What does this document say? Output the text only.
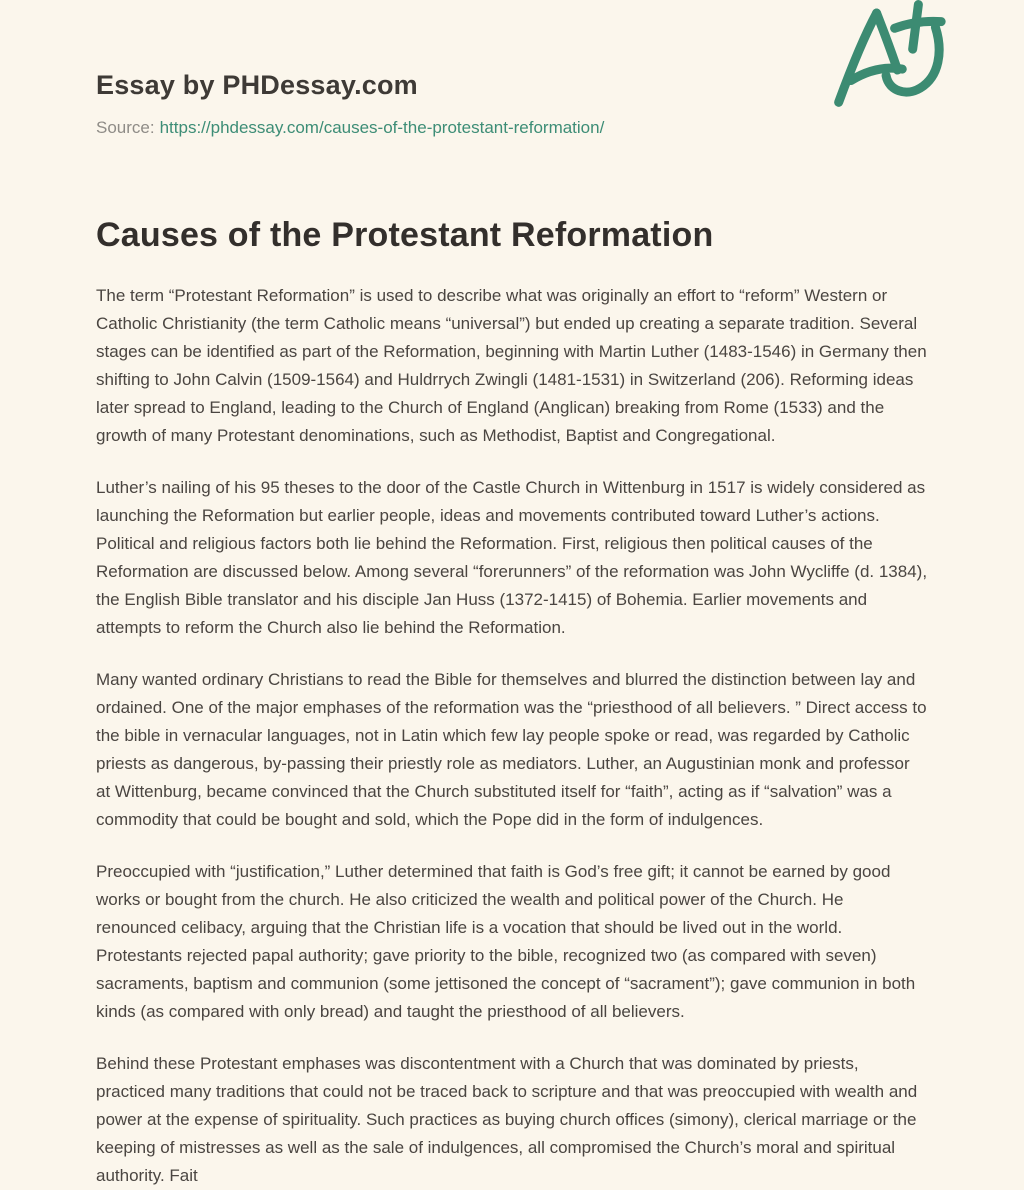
Essay by PHDessay.com
Source: https://phdessay.com/causes-of-the-protestant-reformation/
Causes of the Protestant Reformation

The term “Protestant Reformation” is used to describe what was originally an effort to “reform” Western or Catholic Christianity (the term Catholic means “universal”) but ended up creating a separate tradition. Several stages can be identified as part of the Reformation, beginning with Martin Luther (1483-1546) in Germany then shifting to John Calvin (1509-1564) and Huldrrych Zwingli (1481-1531) in Switzerland (206). Reforming ideas later spread to England, leading to the Church of England (Anglican) breaking from Rome (1533) and the growth of many Protestant denominations, such as Methodist, Baptist and Congregational.

Luther’s nailing of his 95 theses to the door of the Castle Church in Wittenburg in 1517 is widely considered as launching the Reformation but earlier people, ideas and movements contributed toward Luther’s actions. Political and religious factors both lie behind the Reformation. First, religious then political causes of the Reformation are discussed below. Among several “forerunners” of the reformation was John Wycliffe (d. 1384), the English Bible translator and his disciple Jan Huss (1372-1415) of Bohemia. Earlier movements and attempts to reform the Church also lie behind the Reformation.

Many wanted ordinary Christians to read the Bible for themselves and blurred the distinction between lay and ordained. One of the major emphases of the reformation was the “priesthood of all believers. ” Direct access to the bible in vernacular languages, not in Latin which few lay people spoke or read, was regarded by Catholic priests as dangerous, by-passing their priestly role as mediators. Luther, an Augustinian monk and professor at Wittenburg, became convinced that the Church substituted itself for “faith”, acting as if “salvation” was a commodity that could be bought and sold, which the Pope did in the form of indulgences.

Preoccupied with “justification,” Luther determined that faith is God’s free gift; it cannot be earned by good works or bought from the church. He also criticized the wealth and political power of the Church. He renounced celibacy, arguing that the Christian life is a vocation that should be lived out in the world. Protestants rejected papal authority; gave priority to the bible, recognized two (as compared with seven) sacraments, baptism and communion (some jettisoned the concept of “sacrament”); gave communion in both kinds (as compared with only bread) and taught the priesthood of all believers.

Behind these Protestant emphases was discontentment with a Church that was dominated by priests, practiced many traditions that could not be traced back to scripture and that was preoccupied with wealth and power at the expense of spirituality. Such practices as buying church offices (simony), clerical marriage or the keeping of mistresses as well as the sale of indulgences, all compromised the Church’s moral and spiritual authority. Fait
